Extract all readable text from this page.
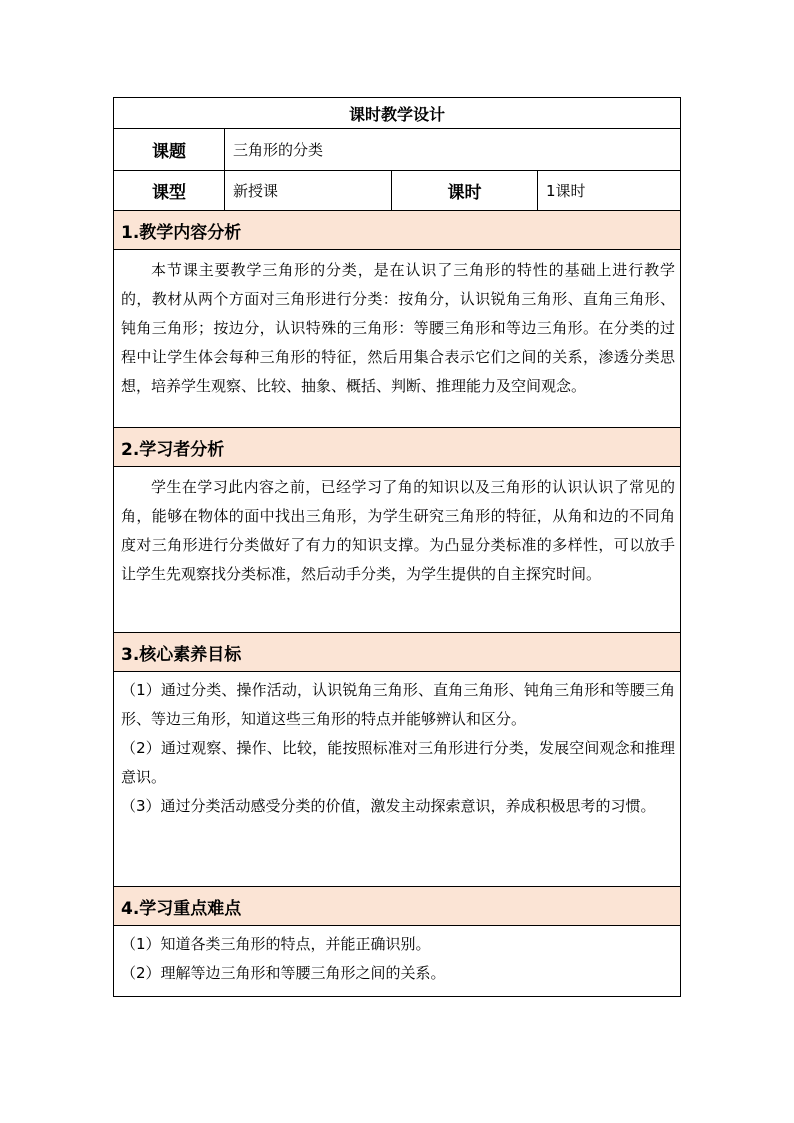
课时教学设计			
课题	三角形的分类		
课型	新授课	课时	1课时
1.教学内容分析			
本节课主要教学三角形的分类，是在认识了三角形的特性的基础上进行教学的，教材从两个方面对三角形进行分类：按角分，认识锐角三角形、直角三角形、钝角三角形；按边分，认识特殊的三角形：等腰三角形和等边三角形。在分类的过程中让学生体会每种三角形的特征，然后用集合表示它们之间的关系，渗透分类思想，培养学生观察、比较、抽象、概括、判断、推理能力及空间观念。			
2.学习者分析			
学生在学习此内容之前，已经学习了角的知识以及三角形的认识认识了常见的角，能够在物体的面中找出三角形，为学生研究三角形的特征，从角和边的不同角度对三角形进行分类做好了有力的知识支撑。为凸显分类标准的多样性，可以放手让学生先观察找分类标准，然后动手分类，为学生提供的自主探究时间。			
3.核心素养目标			

（1）通过分类、操作活动，认识锐角三角形、直角三角形、钝角三角形和等腰三角形、等边三角形，知道这些三角形的特点并能够辨认和区分。

（2）通过观察、操作、比较，能按照标准对三角形进行分类，发展空间观念和推理意识。

（3）通过分类活动感受分类的价值，激发主动探索意识，养成积极思考的习惯。			

4.学习重点难点			

（1）知道各类三角形的特点，并能正确识别。

（2）理解等边三角形和等腰三角形之间的关系。			
